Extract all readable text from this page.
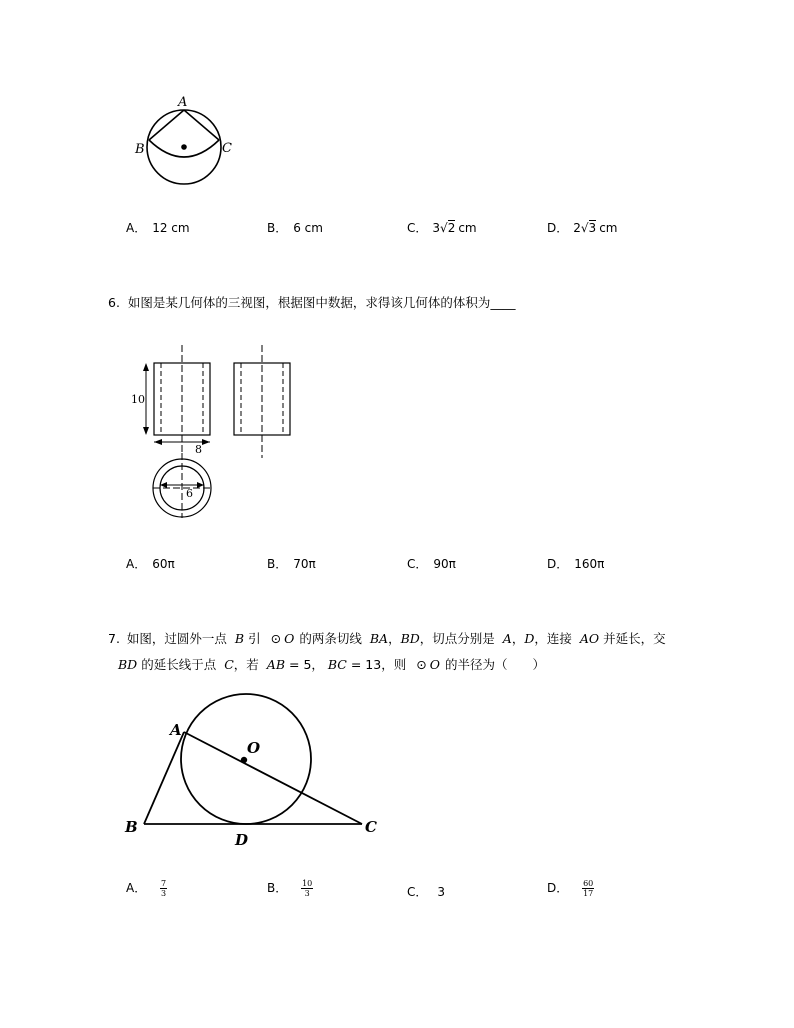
A
B	C
A． 12 cm	B． 6 cm	C． 3√2 cm	D． 2√3 cm
6. 如图是某几何体的三视图，根据图中数据，求得该几何体的体积为____
10
8
6
A． 60π	B． 70π	C． 90π	D． 160π
7. 如图，过圆外一点 B 引 ⊙ O 的两条切线 BA，BD，切点分别是 A，D，连接 AO 并延长，交
BD 的延长线于点 C，若 AB = 5， BC = 13，则 ⊙ O 的半径为（　　）
A
O
B
D
C
A． $\frac{7}{3}$	B． $\frac{10}{3}$	C． 3	D． $\frac{60}{17}$
